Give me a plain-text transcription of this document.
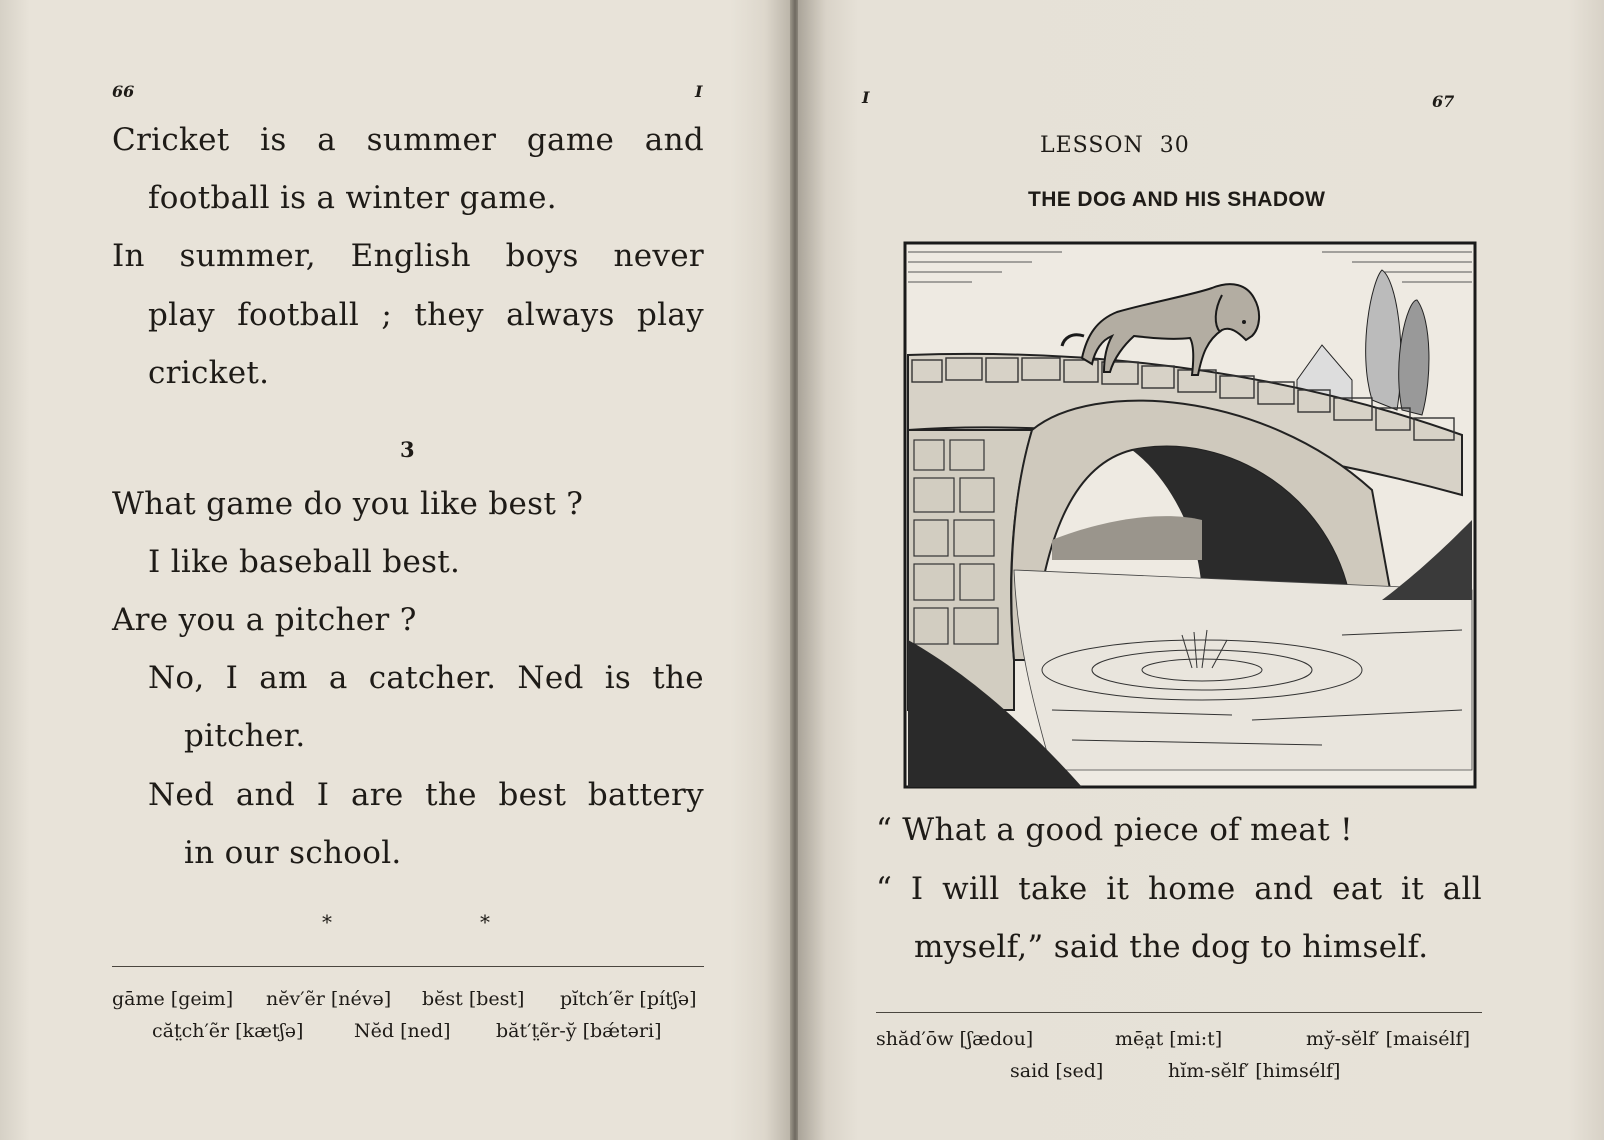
66	I
Cricket is a summer game and
football is a winter game.
In summer, English boys never
play football ; they always play
cricket.
3
What game do you like best ?
I like baseball best.
Are you a pitcher ?
No, I am a catcher. Ned is the
pitcher.
Ned and I are the best battery
in our school.
*	*
gāme [geim] nĕv′ẽr [névə] bĕst [best] pĭtch′ẽr [pítʃə]
căt̤ch′ẽr [kætʃə]	Nĕd [ned] băt′t̤ẽr-y̆ [bǽtəri]
I	67
LESSON  30
THE DOG AND HIS SHADOW
“ What a good piece of meat !
“ I will take it home and eat it all
myself,” said the dog to himself.
shăd′ōw [ʃædou]	mēa̤t [mi:t]	my̆-sĕlf′ [maisélf]
said [sed]	hĭm-sĕlf′ [himsélf]
